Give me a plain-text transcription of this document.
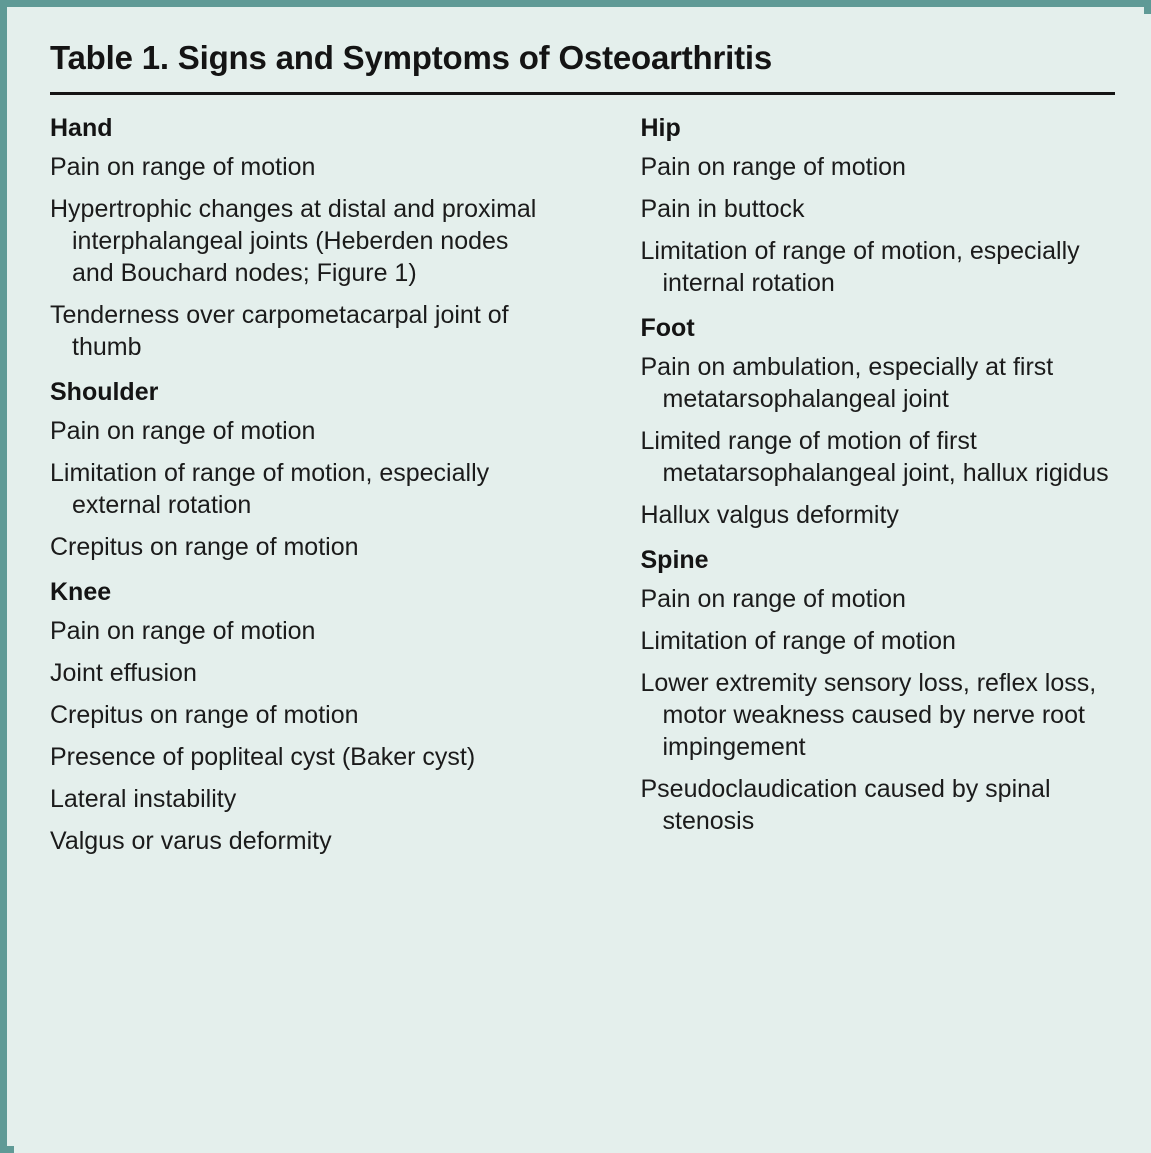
Table 1. Signs and Symptoms of Osteoarthritis
Hand
Pain on range of motion
Hypertrophic changes at distal and proximal interphalangeal joints (Heberden nodes and Bouchard nodes; Figure 1)
Tenderness over carpometacarpal joint of thumb
Shoulder
Pain on range of motion
Limitation of range of motion, especially external rotation
Crepitus on range of motion
Knee
Pain on range of motion
Joint effusion
Crepitus on range of motion
Presence of popliteal cyst (Baker cyst)
Lateral instability
Valgus or varus deformity
Hip
Pain on range of motion
Pain in buttock
Limitation of range of motion, especially internal rotation
Foot
Pain on ambulation, especially at first metatarsophalangeal joint
Limited range of motion of first metatarsophalangeal joint, hallux rigidus
Hallux valgus deformity
Spine
Pain on range of motion
Limitation of range of motion
Lower extremity sensory loss, reflex loss, motor weakness caused by nerve root impingement
Pseudoclaudication caused by spinal stenosis
